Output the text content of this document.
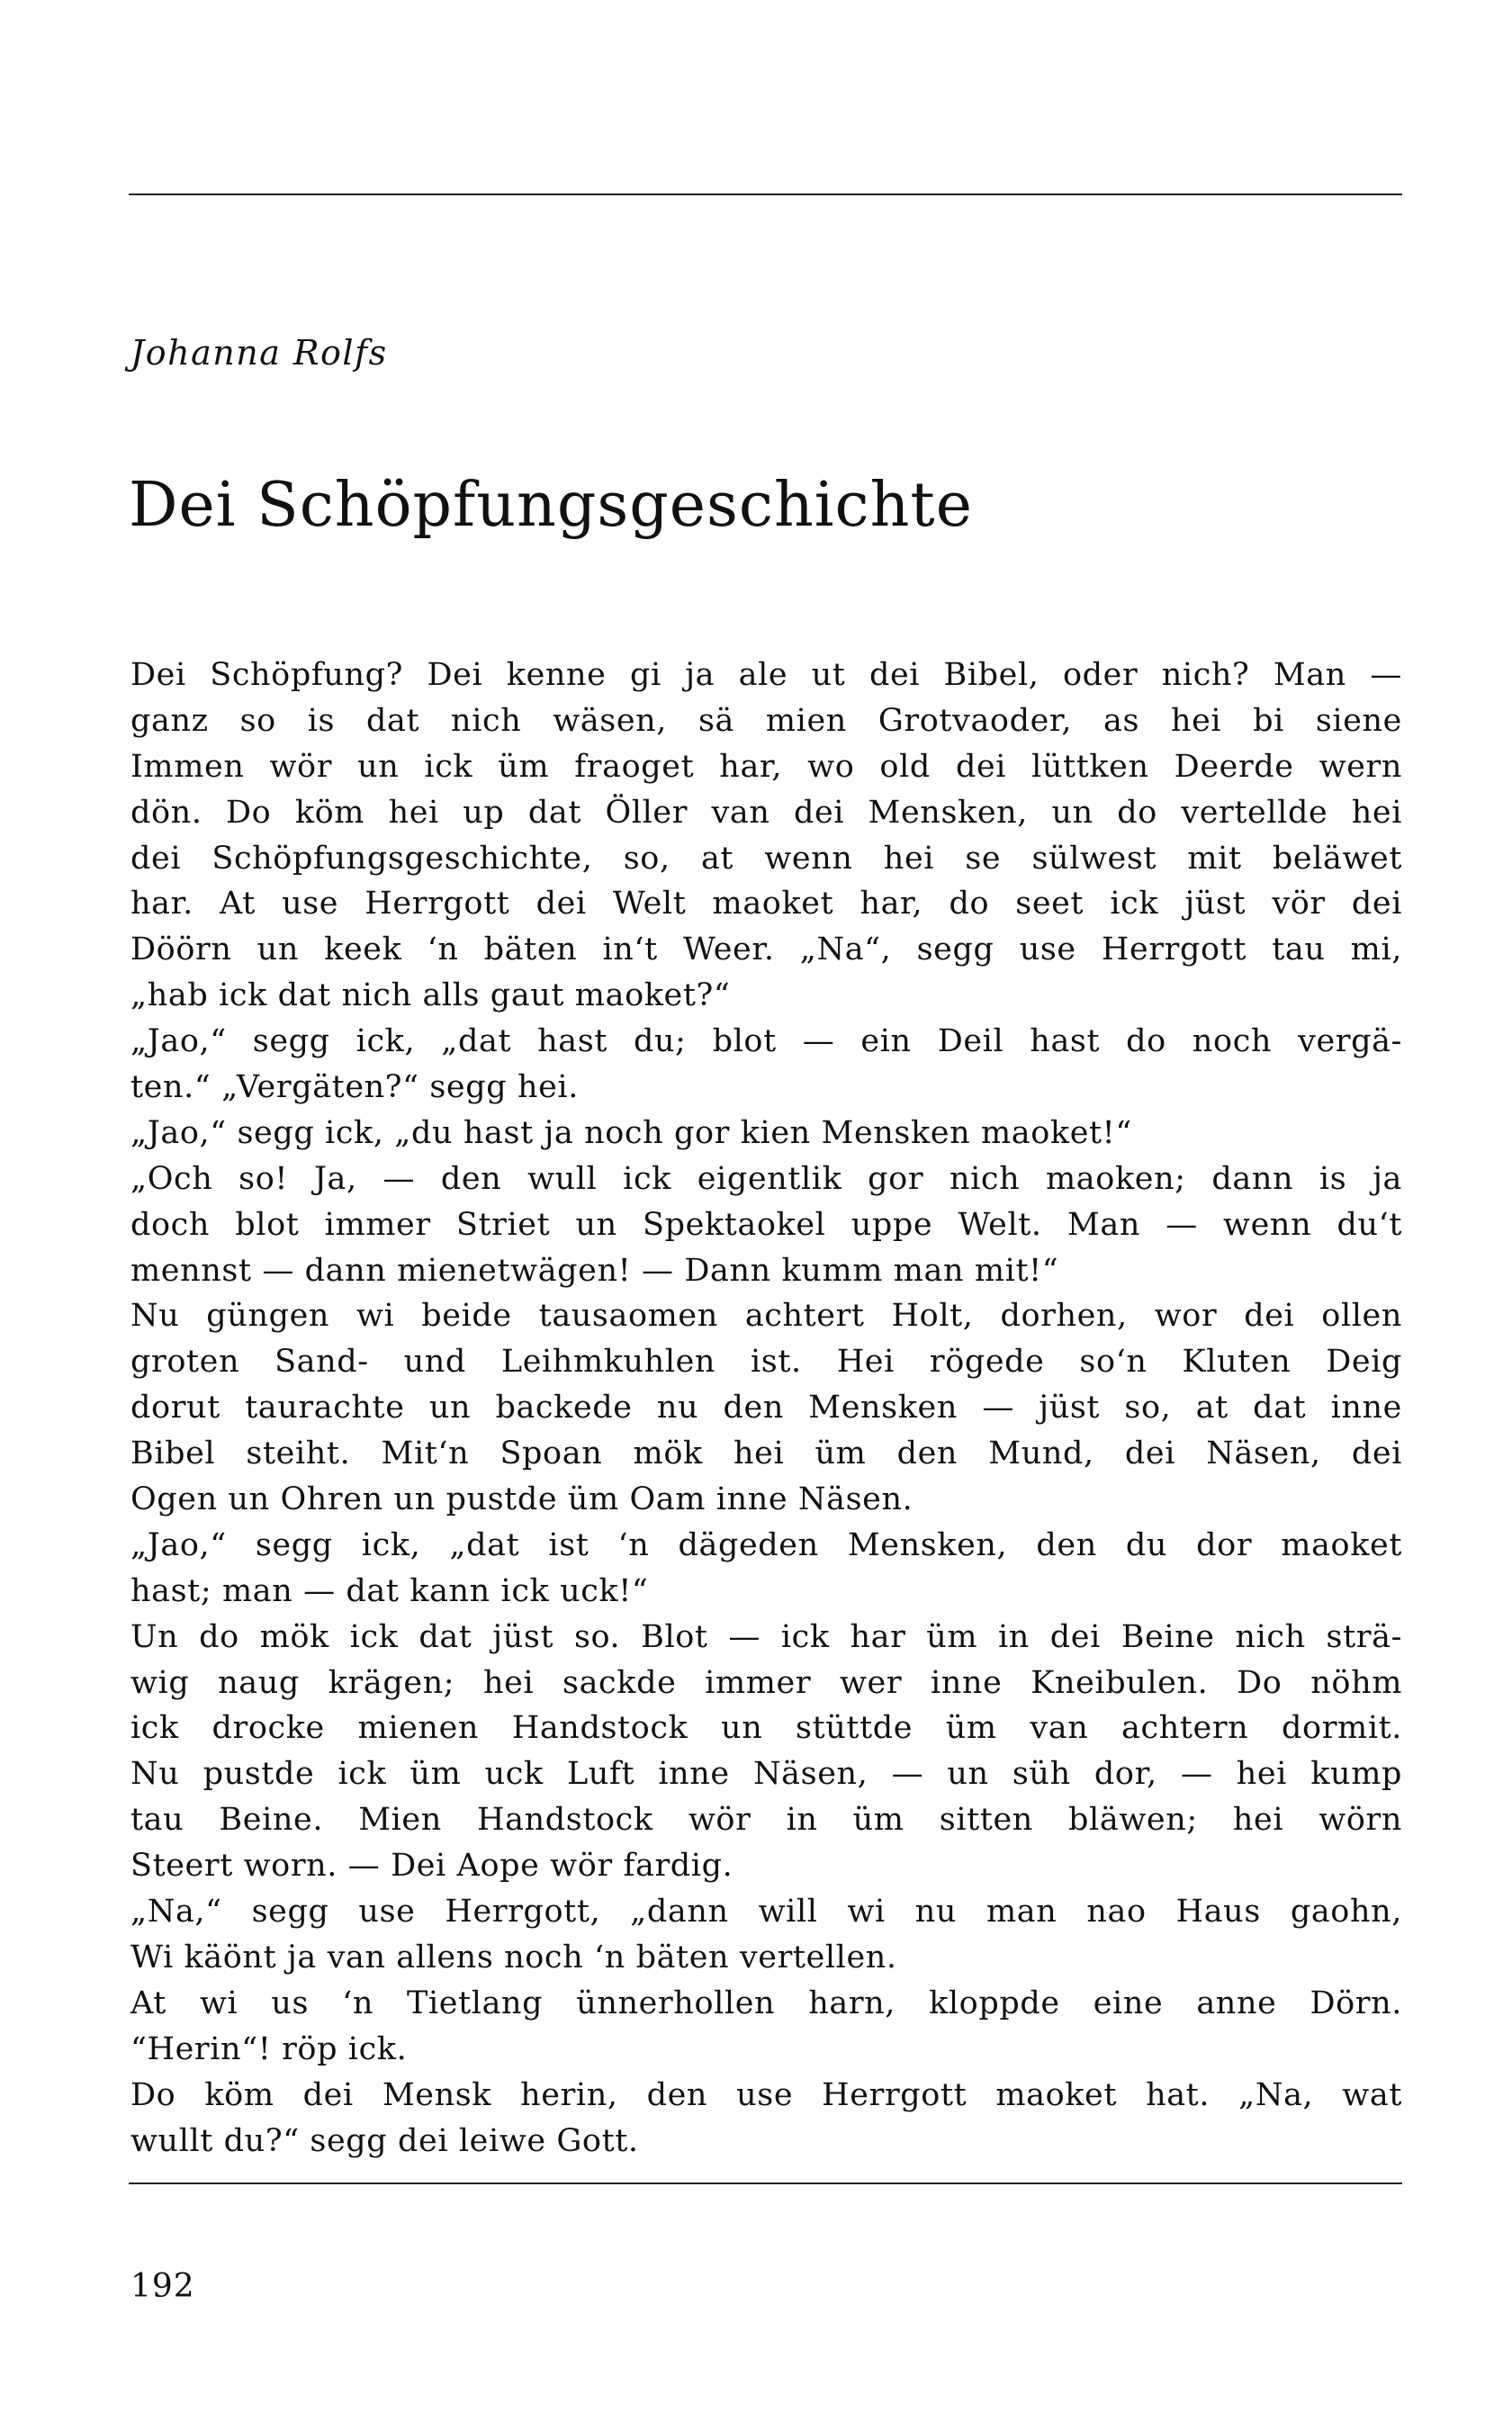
Johanna Rolfs
Dei Schöpfungsgeschichte
Dei Schöpfung? Dei kenne gi ja ale ut dei Bibel, oder nich? Man —
ganz so is dat nich wäsen, sä mien Grotvaoder, as hei bi siene
Immen wör un ick üm fraoget har, wo old dei lüttken Deerde wern
dön. Do köm hei up dat Öller van dei Mensken, un do vertellde hei
dei Schöpfungsgeschichte, so, at wenn hei se sülwest mit beläwet
har. At use Herrgott dei Welt maoket har, do seet ick jüst vör dei
Döörn un keek ‘n bäten in‘t Weer. „Na“, segg use Herrgott tau mi,
„hab ick dat nich alls gaut maoket?“
„Jao,“ segg ick, „dat hast du; blot — ein Deil hast do noch vergä-
ten.“ „Vergäten?“ segg hei.
„Jao,“ segg ick, „du hast ja noch gor kien Mensken maoket!“
„Och so! Ja, — den wull ick eigentlik gor nich maoken; dann is ja
doch blot immer Striet un Spektaokel uppe Welt. Man — wenn du‘t
mennst — dann mienetwägen! — Dann kumm man mit!“
Nu güngen wi beide tausaomen achtert Holt, dorhen, wor dei ollen
groten Sand- und Leihmkuhlen ist. Hei rögede so‘n Kluten Deig
dorut taurachte un backede nu den Mensken — jüst so, at dat inne
Bibel steiht. Mit‘n Spoan mök hei üm den Mund, dei Näsen, dei
Ogen un Ohren un pustde üm Oam inne Näsen.
„Jao,“ segg ick, „dat ist ‘n dägeden Mensken, den du dor maoket
hast; man — dat kann ick uck!“
Un do mök ick dat jüst so. Blot — ick har üm in dei Beine nich strä-
wig naug krägen; hei sackde immer wer inne Kneibulen. Do nöhm
ick drocke mienen Handstock un stüttde üm van achtern dormit.
Nu pustde ick üm uck Luft inne Näsen, — un süh dor, — hei kump
tau Beine. Mien Handstock wör in üm sitten bläwen; hei wörn
Steert worn. — Dei Aope wör fardig.
„Na,“ segg use Herrgott, „dann will wi nu man nao Haus gaohn,
Wi käönt ja van allens noch ‘n bäten vertellen.
At wi us ‘n Tietlang ünnerhollen harn, kloppde eine anne Dörn.
“Herin“! röp ick.
Do köm dei Mensk herin, den use Herrgott maoket hat. „Na, wat
wullt du?“ segg dei leiwe Gott.
192
